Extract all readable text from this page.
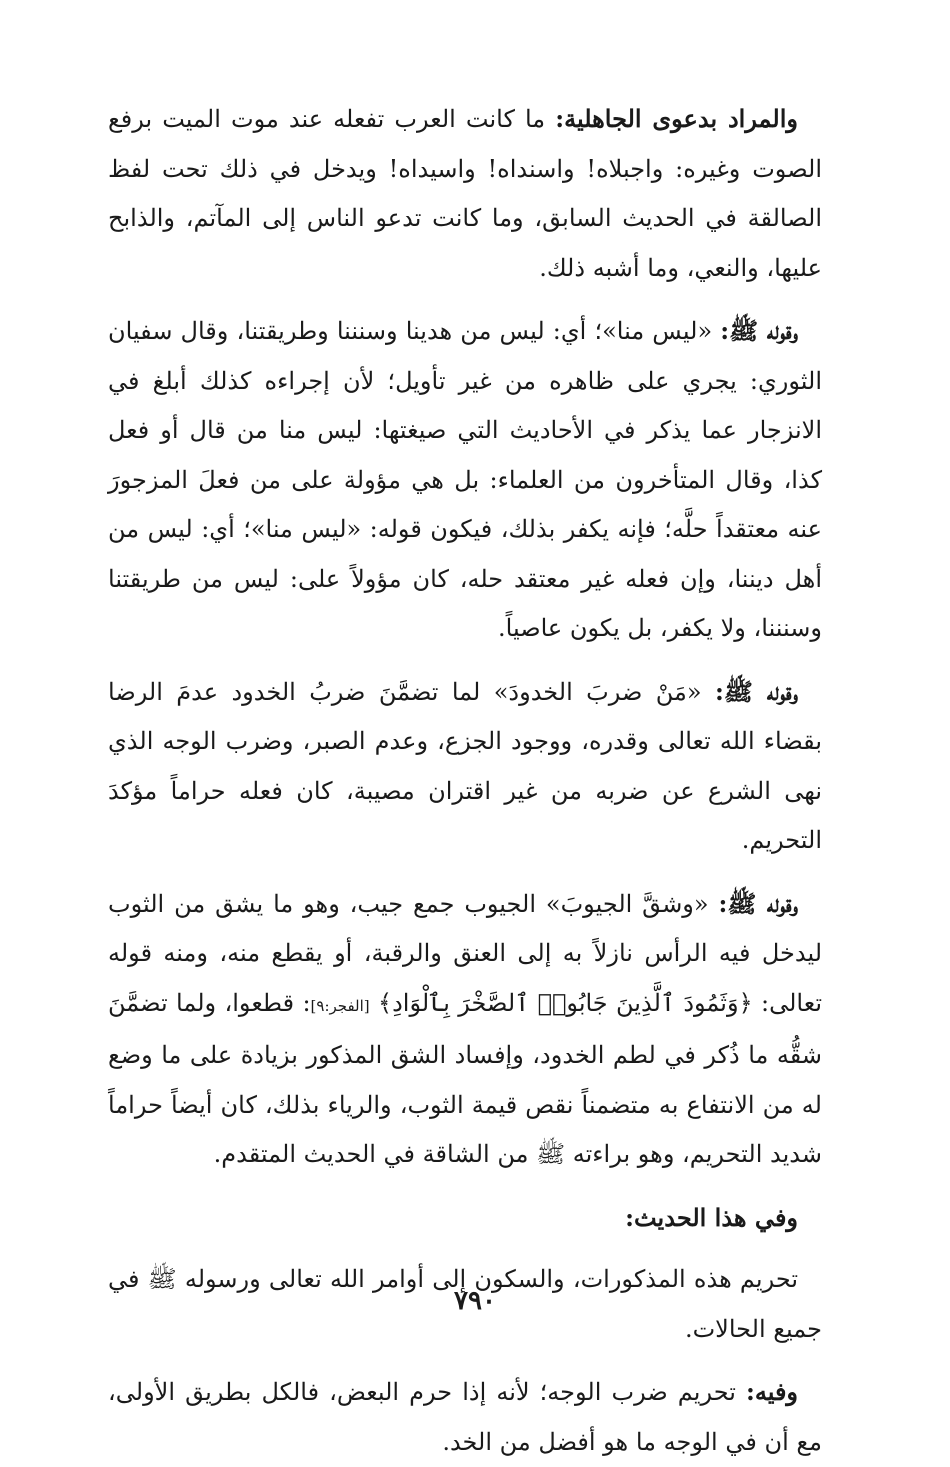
والمراد بدعوى الجاهلية: ما كانت العرب تفعله عند موت الميت برفع الصوت وغيره: واجبلاه! واسنداه! واسيداه! ويدخل في ذلك تحت لفظ الصالقة في الحديث السابق، وما كانت تدعو الناس إلى المآتم، والذابح عليها، والنعي، وما أشبه ذلك.

وقوله ﷺ: «ليس منا»؛ أي: ليس من هدينا وسنننا وطريقتنا، وقال سفيان الثوري: يجري على ظاهره من غير تأويل؛ لأن إجراءه كذلك أبلغ في الانزجار عما يذكر في الأحاديث التي صيغتها: ليس منا من قال أو فعل كذا، وقال المتأخرون من العلماء: بل هي مؤولة على من فعلَ المزجورَ عنه معتقداً حلَّه؛ فإنه يكفر بذلك، فيكون قوله: «ليس منا»؛ أي: ليس من أهل ديننا، وإن فعله غير معتقد حله، كان مؤولاً على: ليس من طريقتنا وسنننا، ولا يكفر، بل يكون عاصياً.

وقوله ﷺ: «مَنْ ضربَ الخدودَ» لما تضمَّنَ ضربُ الخدود عدمَ الرضا بقضاء الله تعالى وقدره، ووجود الجزع، وعدم الصبر، وضرب الوجه الذي نهى الشرع عن ضربه من غير اقتران مصيبة، كان فعله حراماً مؤكدَ التحريم.

وقوله ﷺ: «وشقَّ الجيوبَ» الجيوب جمع جيب، وهو ما يشق من الثوب ليدخل فيه الرأس نازلاً به إلى العنق والرقبة، أو يقطع منه، ومنه قوله تعالى: ﴿وَثَمُودَ ٱلَّذِينَ جَابُوا۟ ٱلصَّخْرَ بِٱلْوَادِ﴾ [الفجر:٩]: قطعوا، ولما تضمَّنَ شقُّه ما ذُكر في لطم الخدود، وإفساد الشق المذكور بزيادة على ما وضع له من الانتفاع به متضمناً نقص قيمة الثوب، والرياء بذلك، كان أيضاً حراماً شديد التحريم، وهو براءته ﷺ من الشاقة في الحديث المتقدم.

وفي هذا الحديث:

تحريم هذه المذكورات، والسكون إلى أوامر الله تعالى ورسوله ﷺ في جميع الحالات.

وفيه: تحريم ضرب الوجه؛ لأنه إذا حرم البعض، فالكل بطريق الأولى، مع أن في الوجه ما هو أفضل من الخد.

٧٩٠
